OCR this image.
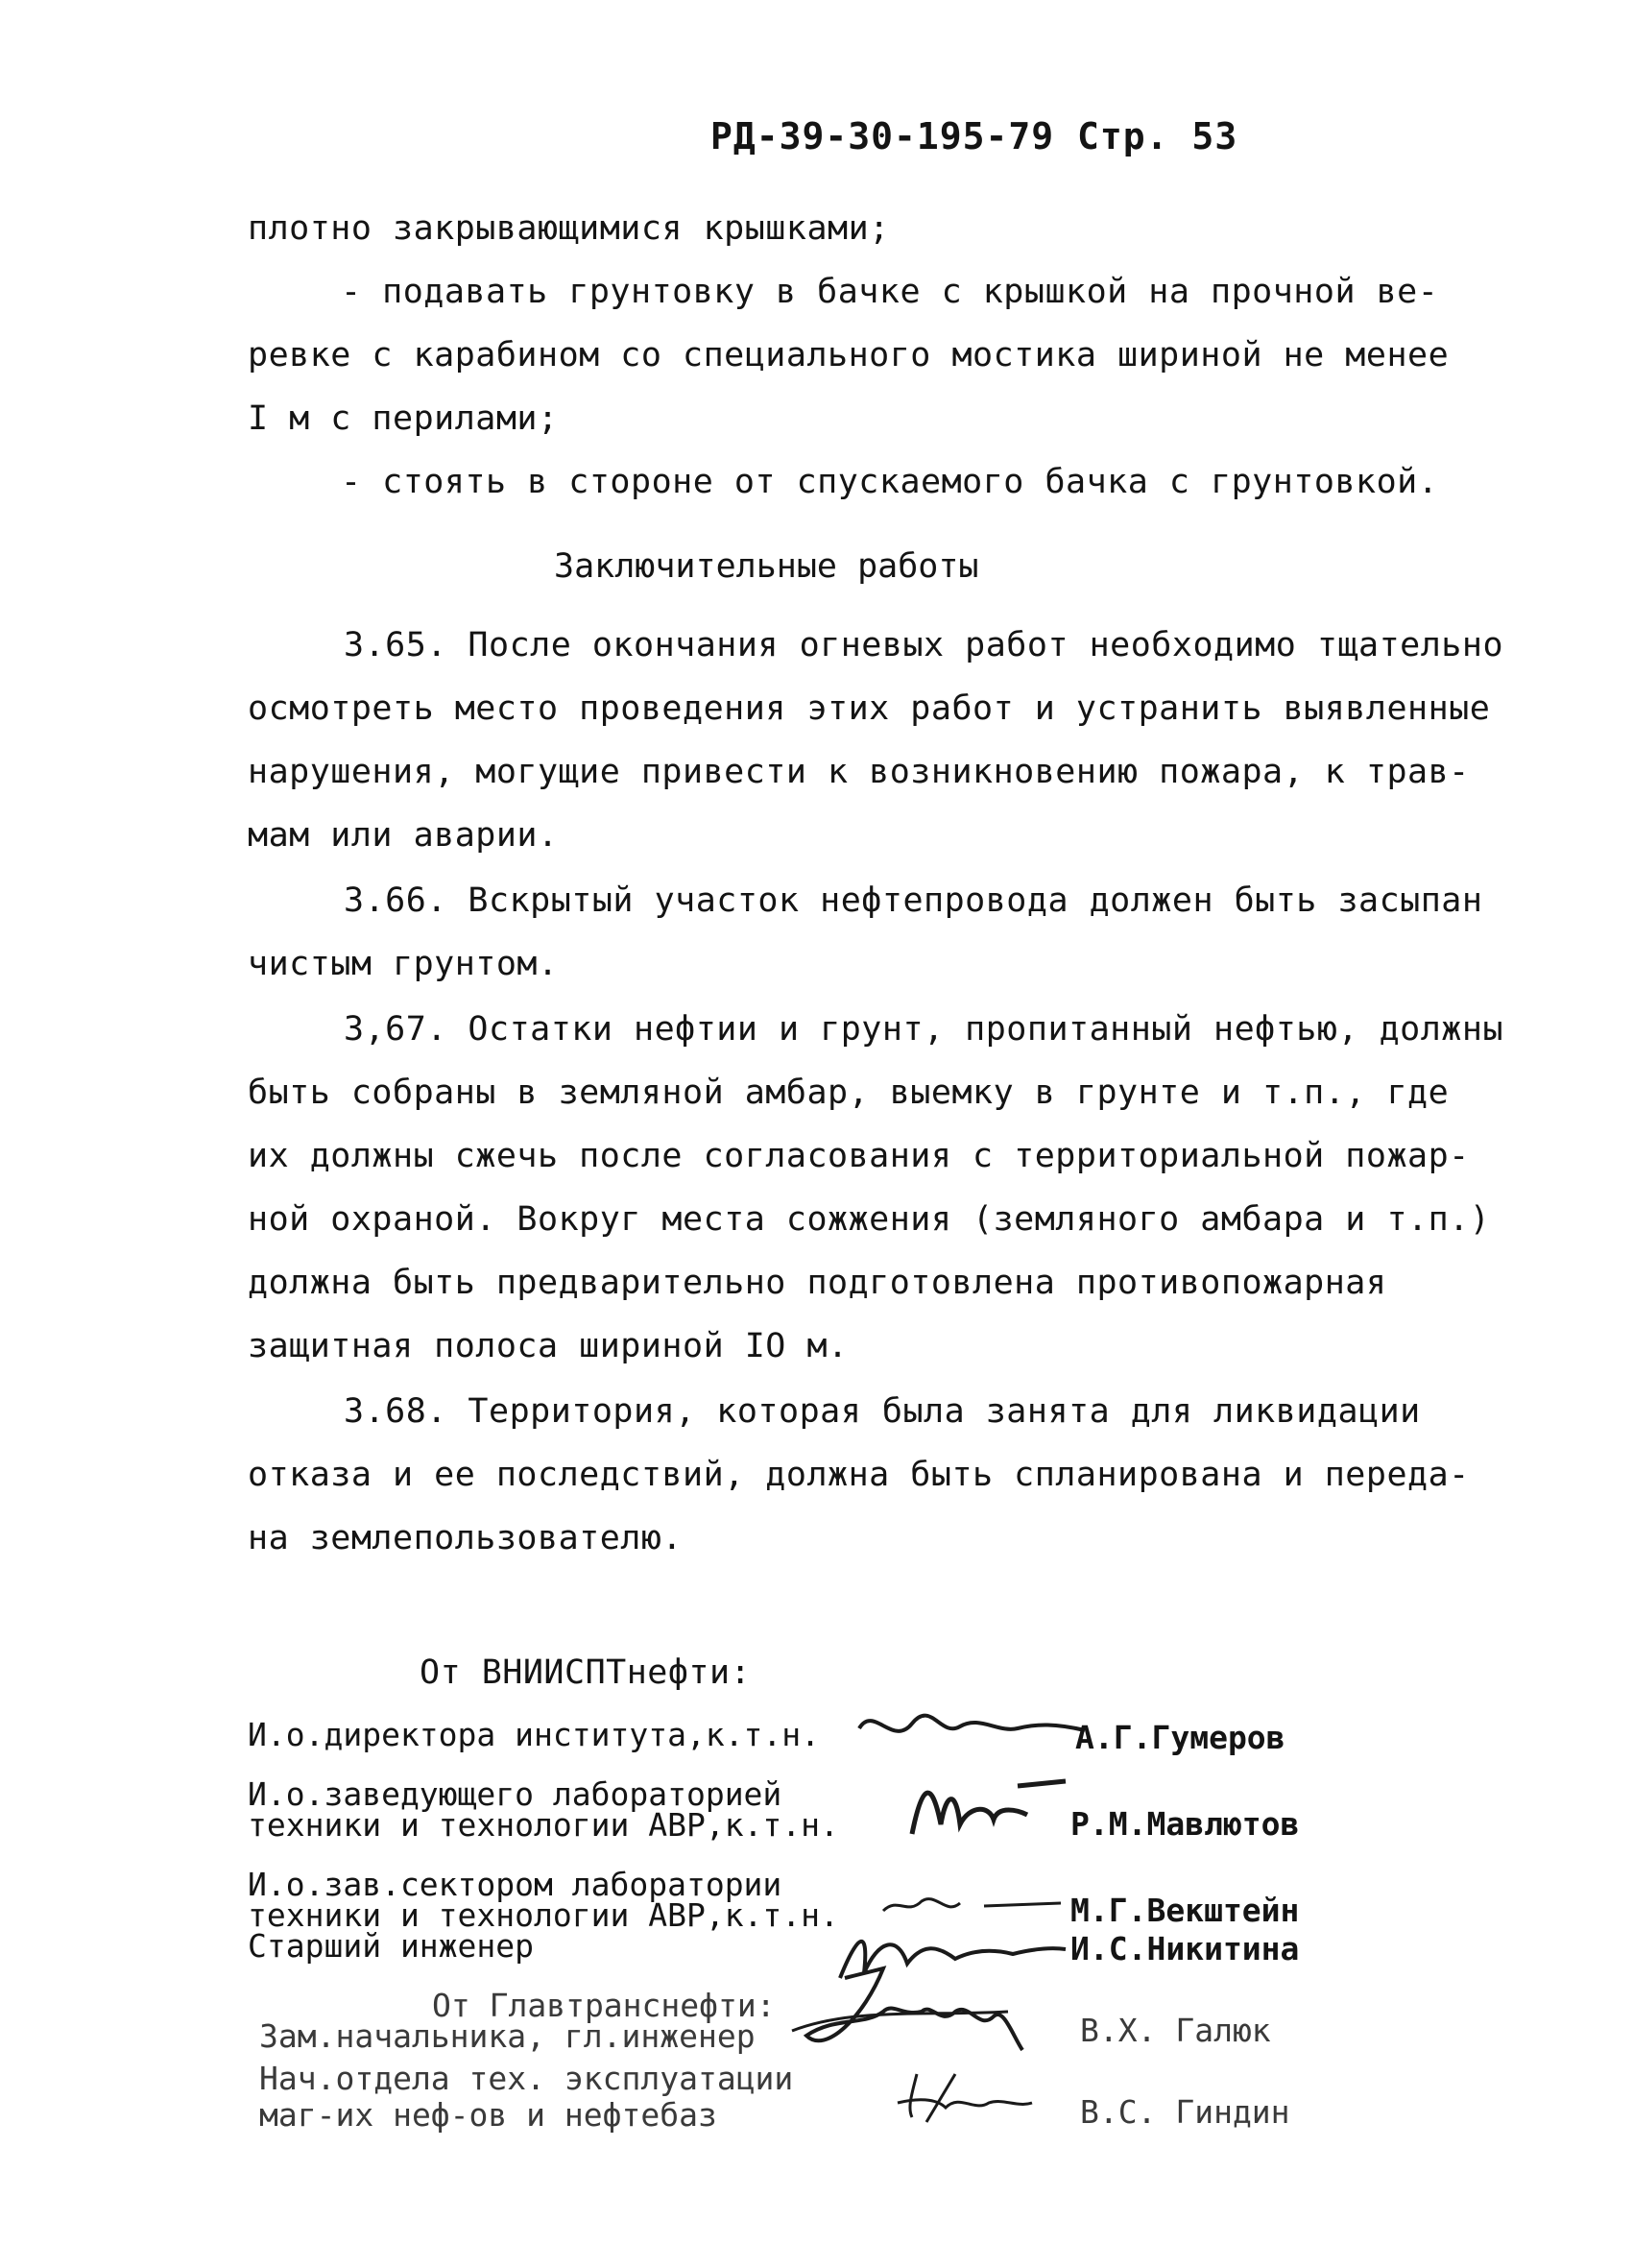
РД-39-30-195-79 Стр. 53
плотно закрывающимися крышками;
- подавать грунтовку в бачке с крышкой на прочной ве-
ревке с карабином со специального мостика шириной не менее
I м с перилами;
- стоять в стороне от спускаемого бачка с грунтовкой.
Заключительные работы
3.65. После окончания огневых работ необходимо тщательно
осмотреть место проведения этих работ и устранить выявленные
нарушения, могущие привести к возникновению пожара, к трав-
мам или аварии.
3.66. Вскрытый участок нефтепровода должен быть засыпан
чистым грунтом.
3,67. Остатки нефтии и грунт, пропитанный нефтью, должны
быть собраны в земляной амбар, выемку в грунте и т.п., где
их должны сжечь после согласования с территориальной пожар-
ной охраной. Вокруг места сожжения (земляного амбара и т.п.)
должна быть предварительно подготовлена противопожарная
защитная полоса шириной IО м.
3.68. Территория, которая была занята для ликвидации
отказа и ее последствий, должна быть спланирована и переда-
на землепользователю.
От ВНИИСПТнефти:
И.о.директора института,к.т.н.	А.Г.Гумеров
И.о.заведующего лабораторией
техники и технологии АВР,к.т.н.	Р.М.Мавлютов
И.о.зав.сектором лаборатории
техники и технологии АВР,к.т.н.	М.Г.Векштейн
Старший инженер	И.С.Никитина
От Главтранснефти:
Зам.начальника, гл.инженер	В.Х. Галюк
Нач.отдела тех. эксплуатации
маг-их неф-ов и нефтебаз	В.С. Гиндин
